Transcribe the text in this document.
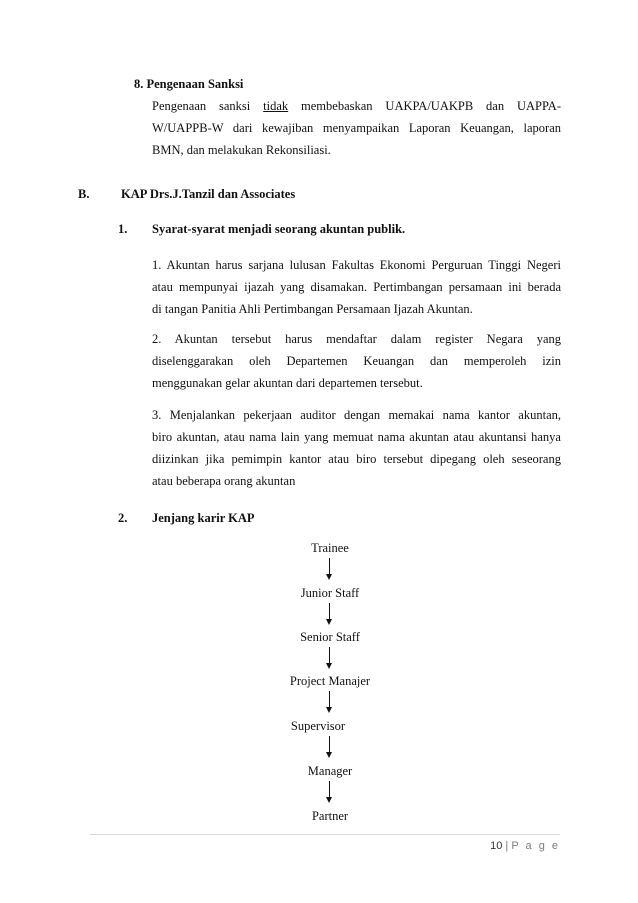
8. Pengenaan Sanksi
Pengenaan sanksi tidak membebaskan UAKPA/UAKPB dan UAPPA-
W/UAPPB-W dari kewajiban menyampaikan Laporan Keuangan, laporan
BMN, dan melakukan Rekonsiliasi.
B.	KAP Drs.J.Tanzil dan Associates
1. Syarat-syarat menjadi seorang akuntan publik.
1. Akuntan harus sarjana lulusan Fakultas Ekonomi Perguruan Tinggi Negeri
atau mempunyai ijazah yang disamakan. Pertimbangan persamaan ini berada
di tangan Panitia Ahli Pertimbangan Persamaan Ijazah Akuntan.
2. Akuntan tersebut harus mendaftar dalam register Negara yang
diselenggarakan oleh Departemen Keuangan dan memperoleh izin
menggunakan gelar akuntan dari departemen tersebut.
3. Menjalankan pekerjaan auditor dengan memakai nama kantor akuntan,
biro akuntan, atau nama lain yang memuat nama akuntan atau akuntansi hanya
diizinkan jika pemimpin kantor atau biro tersebut dipegang oleh seseorang
atau beberapa orang akuntan
2. Jenjang karir KAP
Trainee
Junior Staff
Senior Staff
Project Manajer
Supervisor
Manager
Partner
10 | P a g e
